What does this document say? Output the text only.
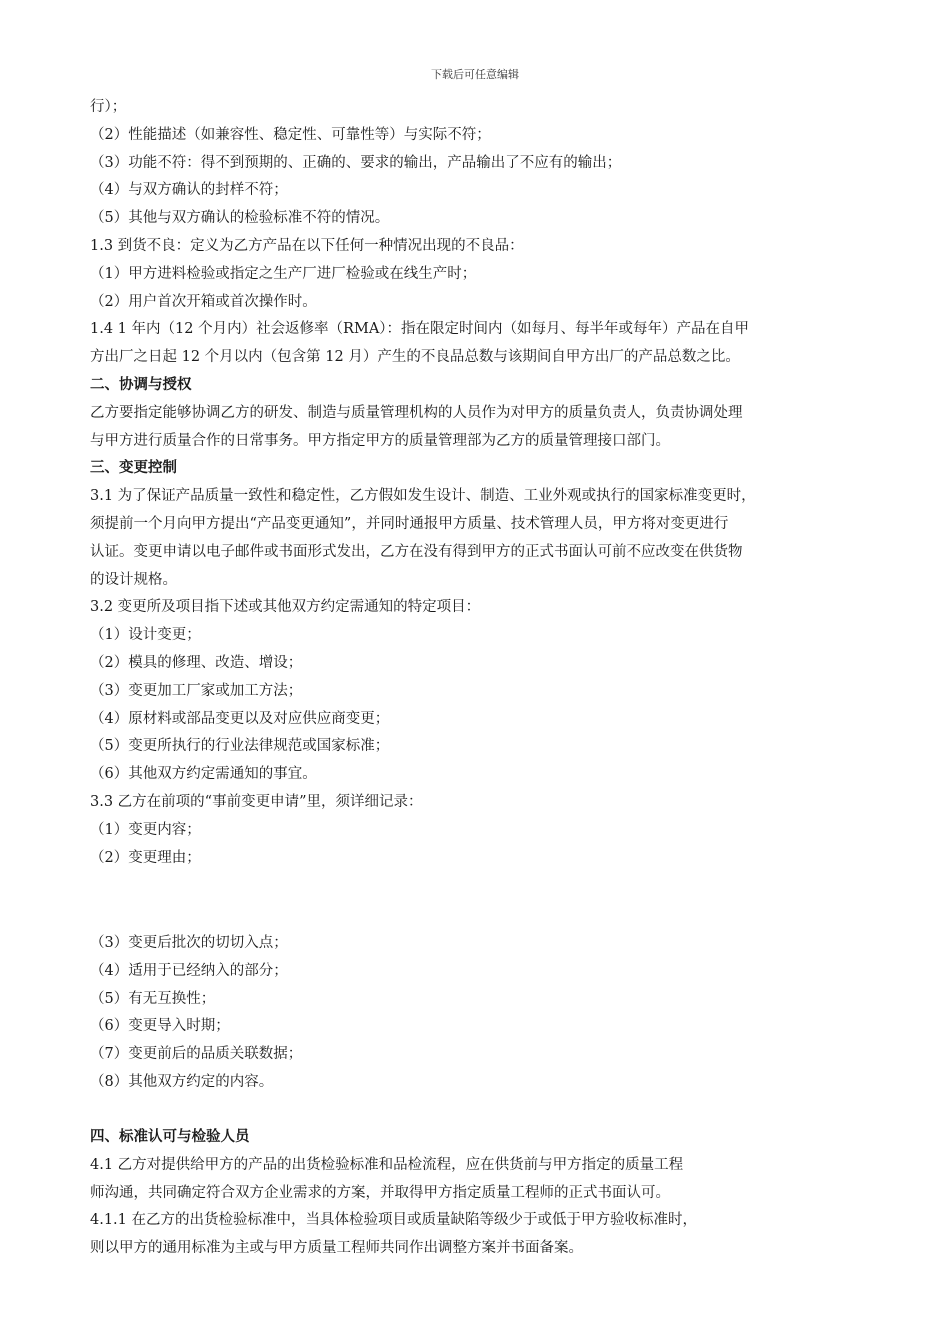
下载后可任意编辑
行）；
（2）性能描述（如兼容性、稳定性、可靠性等）与实际不符；
（3）功能不符：得不到预期的、正确的、要求的输出，产品输出了不应有的输出；
（4）与双方确认的封样不符；
（5）其他与双方确认的检验标准不符的情况。
1.3 到货不良：定义为乙方产品在以下任何一种情况出现的不良品：
（1）甲方进料检验或指定之生产厂进厂检验或在线生产时；
（2）用户首次开箱或首次操作时。
1.4 1 年内（12 个月内）社会返修率（RMA）：指在限定时间内（如每月、每半年或每年）产品在自甲
方出厂之日起 12 个月以内（包含第 12 月）产生的不良品总数与该期间自甲方出厂的产品总数之比。
二、协调与授权
乙方要指定能够协调乙方的研发、制造与质量管理机构的人员作为对甲方的质量负责人，负责协调处理
与甲方进行质量合作的日常事务。甲方指定甲方的质量管理部为乙方的质量管理接口部门。
三、变更控制
3.1 为了保证产品质量一致性和稳定性，乙方假如发生设计、制造、工业外观或执行的国家标准变更时，
须提前一个月向甲方提出“产品变更通知”，并同时通报甲方质量、技术管理人员，甲方将对变更进行
认证。变更申请以电子邮件或书面形式发出，乙方在没有得到甲方的正式书面认可前不应改变在供货物
的设计规格。
3.2 变更所及项目指下述或其他双方约定需通知的特定项目：
（1）设计变更；
（2）模具的修理、改造、增设；
（3）变更加工厂家或加工方法；
（4）原材料或部品变更以及对应供应商变更；
（5）变更所执行的行业法律规范或国家标准；
（6）其他双方约定需通知的事宜。
3.3 乙方在前项的“事前变更申请”里，须详细记录：
（1）变更内容；
（2）变更理由；
（3）变更后批次的切切入点；
（4）适用于已经纳入的部分；
（5）有无互换性；
（6）变更导入时期；
（7）变更前后的品质关联数据；
（8）其他双方约定的内容。
四、标准认可与检验人员
4.1 乙方对提供给甲方的产品的出货检验标准和品检流程，应在供货前与甲方指定的质量工程
师沟通，共同确定符合双方企业需求的方案，并取得甲方指定质量工程师的正式书面认可。
4.1.1 在乙方的出货检验标准中，当具体检验项目或质量缺陷等级少于或低于甲方验收标准时，
则以甲方的通用标准为主或与甲方质量工程师共同作出调整方案并书面备案。
